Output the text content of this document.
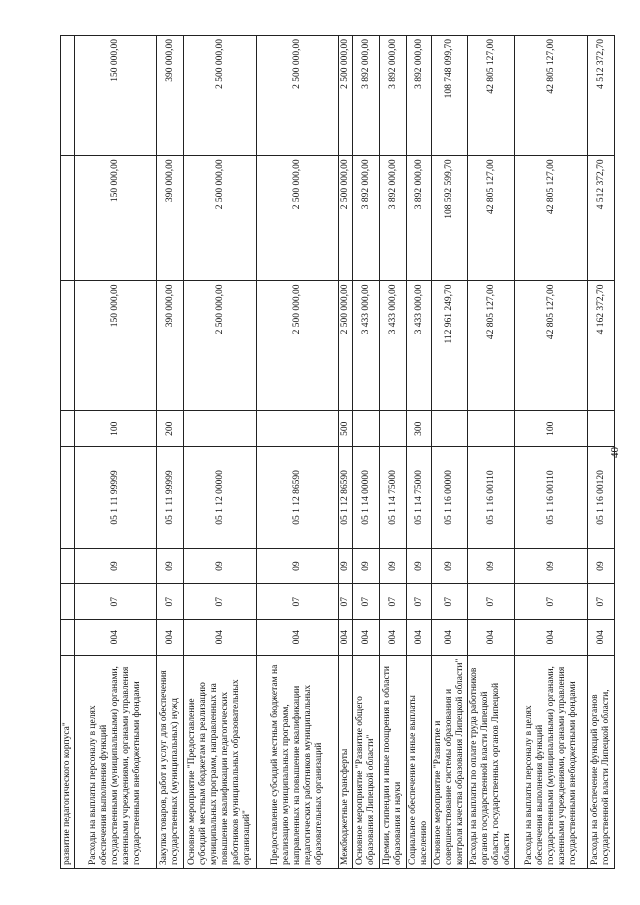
40
развитие педагогического корпуса"								
Расходы на выплаты персоналу в целях обеспечения выполнения функций государственными (муниципальными) органами, казенными учреждениями, органами управления государственными внебюджетными фондами	004	07	09	05 1 11 99999	100	150 000,00	150 000,00	150 000,00
Закупка товаров, работ и услуг для обеспечения государственных (муниципальных) нужд	004	07	09	05 1 11 99999	200	390 000,00	390 000,00	390 000,00
Основное мероприятие "Предоставление субсидий местным бюджетам на реализацию муниципальных программ, направленных на повышение квалификации педагогических работников муниципальных образовательных организаций"	004	07	09	05 1 12 00000		2 500 000,00	2 500 000,00	2 500 000,00
Предоставление субсидий местным бюджетам на реализацию муниципальных программ, направленных на повышение квалификации педагогических работников муниципальных образовательных организаций	004	07	09	05 1 12 86590		2 500 000,00	2 500 000,00	2 500 000,00
Межбюджетные трансферты	004	07	09	05 1 12 86590	500	2 500 000,00	2 500 000,00	2 500 000,00
Основное мероприятие "Развитие общего образования Липецкой области"	004	07	09	05 1 14 00000		3 433 000,00	3 892 000,00	3 892 000,00
Премии, стипендии и иные поощрения в области образования и науки	004	07	09	05 1 14 75000		3 433 000,00	3 892 000,00	3 892 000,00
Социальное обеспечение и иные выплаты населению	004	07	09	05 1 14 75000	300	3 433 000,00	3 892 000,00	3 892 000,00
Основное мероприятие "Развитие и совершенствование системы образования и контроля качества образования Липецкой области"	004	07	09	05 1 16 00000		112 961 249,70	108 592 599,70	108 748 099,70
Расходы на выплаты по оплате труда работников органов государственной власти Липецкой области, государственных органов Липецкой области	004	07	09	05 1 16 00110		42 805 127,00	42 805 127,00	42 805 127,00
Расходы на выплаты персоналу в целях обеспечения выполнения функций государственными (муниципальными) органами, казенными учреждениями, органами управления государственными внебюджетными фондами	004	07	09	05 1 16 00110	100	42 805 127,00	42 805 127,00	42 805 127,00
Расходы на обеспечение функций органов государственной власти Липецкой области,	004	07	09	05 1 16 00120		4 162 372,70	4 512 372,70	4 512 372,70
